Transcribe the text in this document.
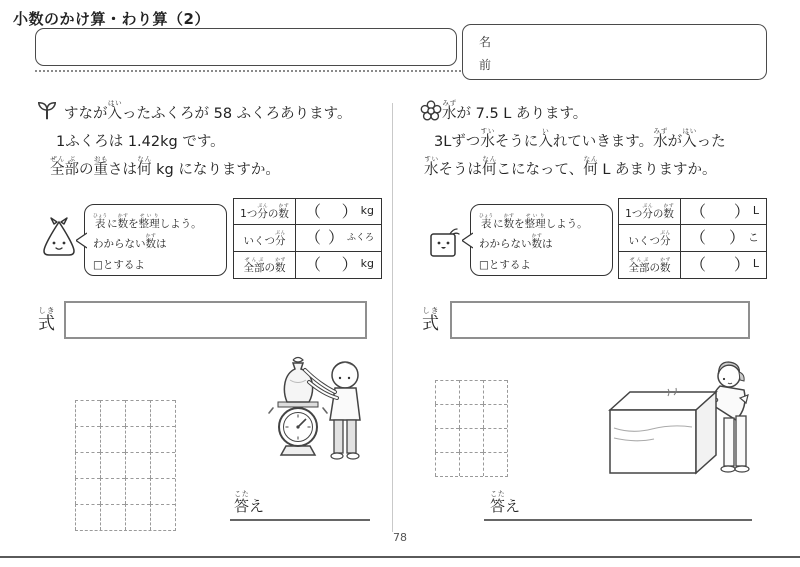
小数のかけ算・わり算（2）
名
前
すなが 入はい
ったふくろが 58 ふくろあります。
1ふくろは 1.42kg です。
全ぜん
部ぶ
の 重おも
さは 何なん
kg になりますか。
表ひょう
に 数かず
を 整理せいり
しよう。
わからない 数かず
は
□とするよ
1つ 分ぶん
の 数かず （ ） kg
いくつ 分ぶん （ ） ふくろ
全部ぜんぶ
の 数かず （ ） kg
式しき
答こた
え
水みず
が 7.5 L あります。
3Lずつ 水すい
そうに 入い
れていきます。 水みず
が 入はい
った
水すい
そうは 何なん
こになって、 何なん
L あまりますか。
表ひょう
に 数かず
を 整理せいり
しよう。
わからない 数かず
は
□とするよ
1つ 分ぶん
の 数かず （ ） L
いくつ 分ぶん （ ） こ
全部ぜんぶ
の 数かず （ ） L
式しき
答こた
え
78
